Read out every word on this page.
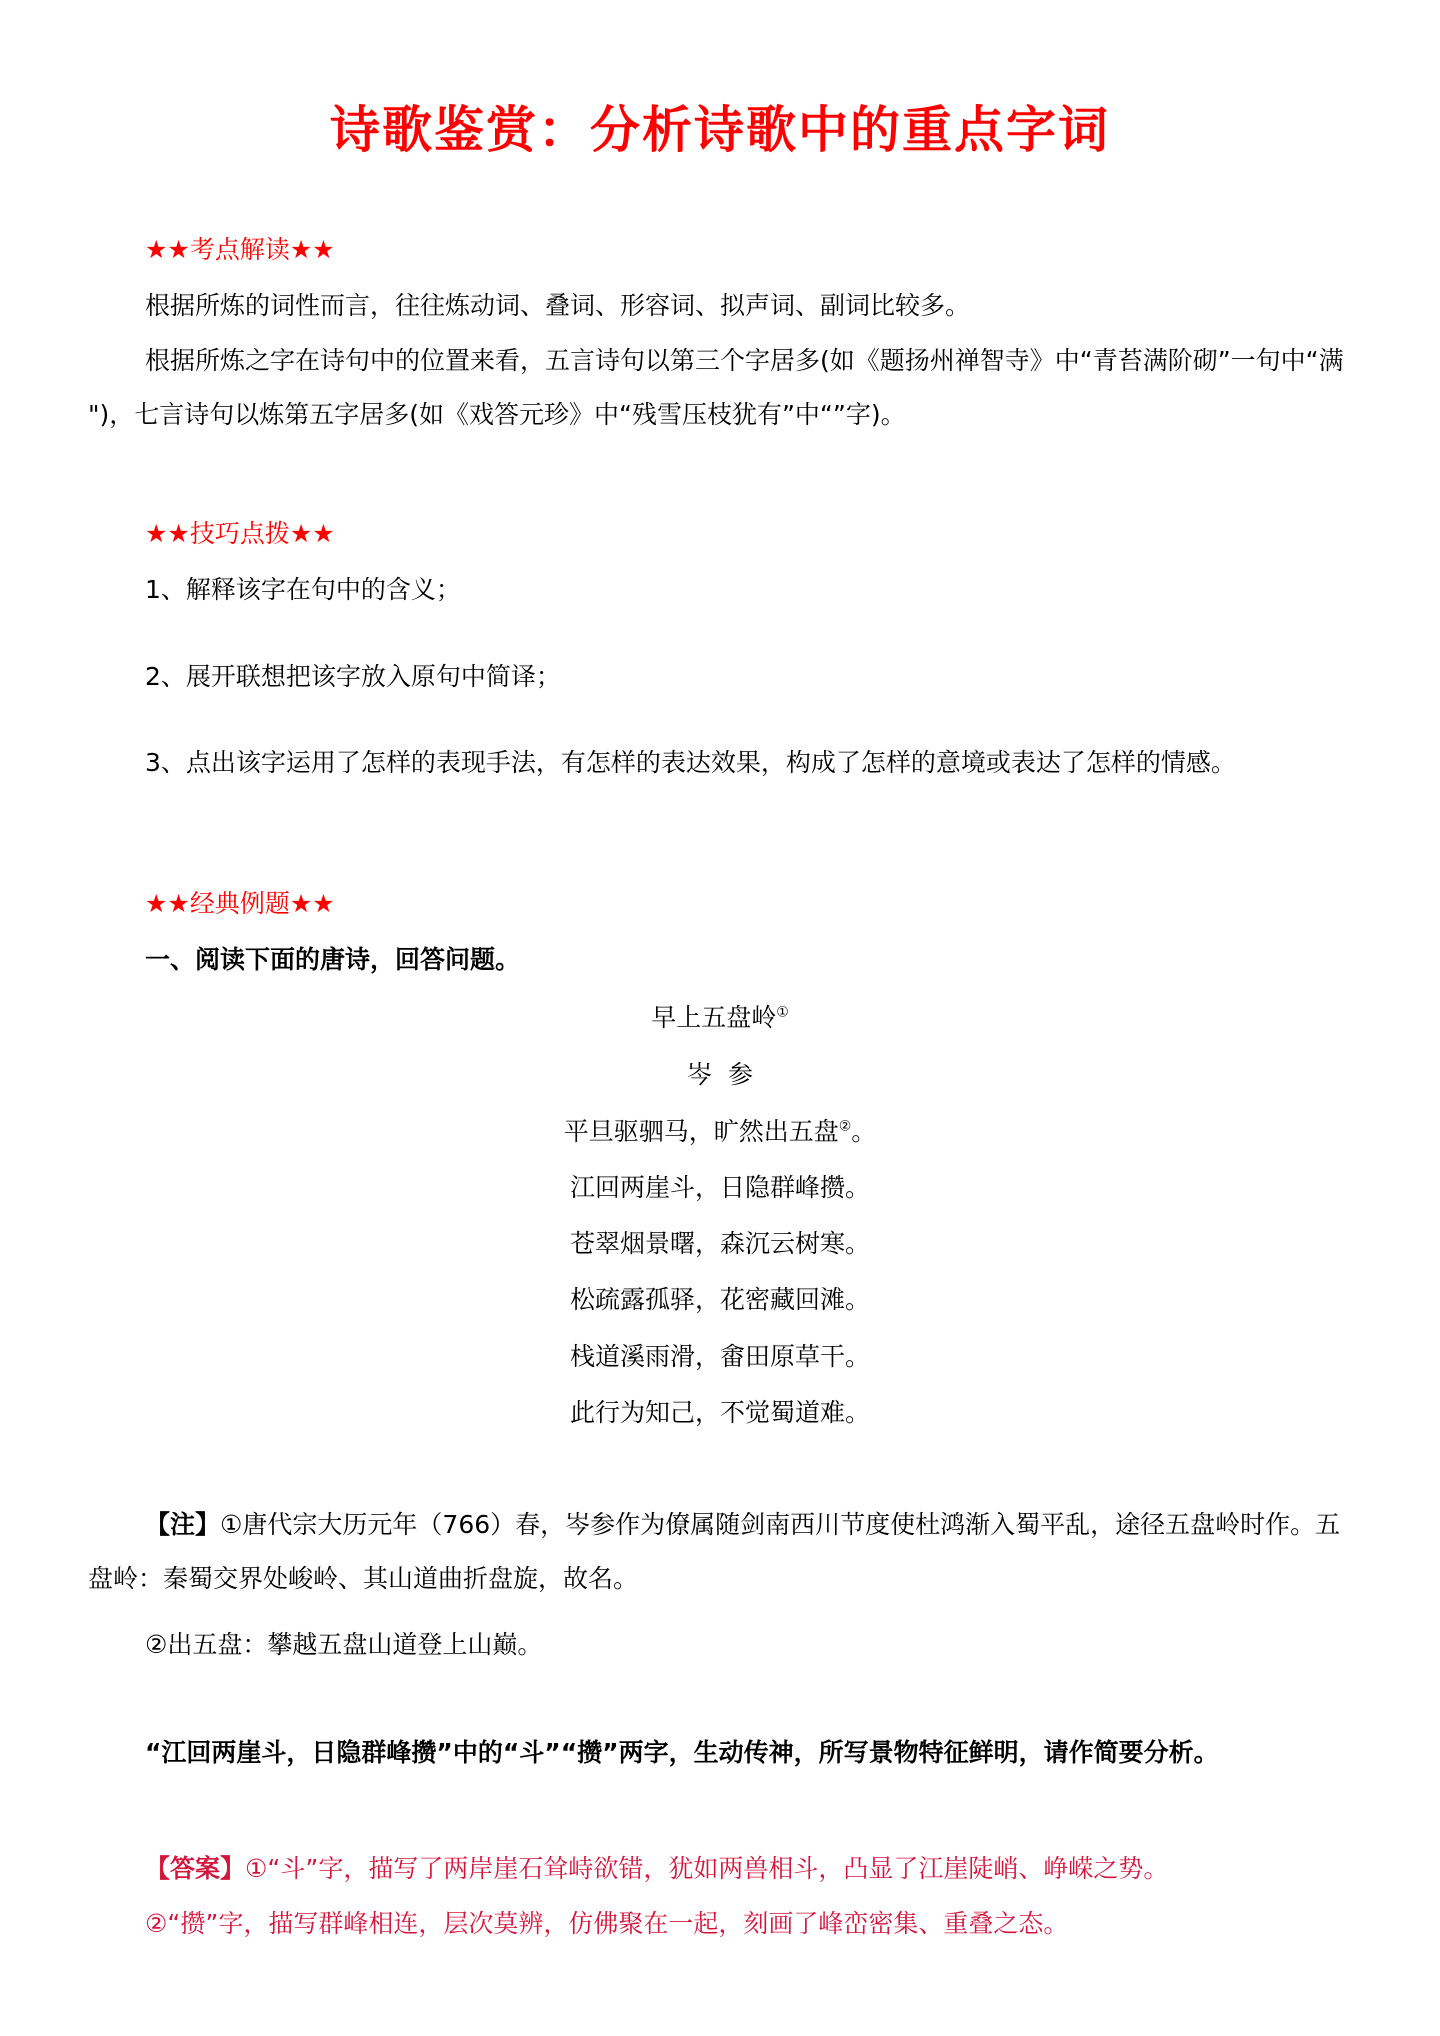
诗歌鉴赏：分析诗歌中的重点字词
★★考点解读★★

根据所炼的词性而言，往往炼动词、叠词、形容词、拟声词、副词比较多。

根据所炼之字在诗句中的位置来看，五言诗句以第三个字居多(如《题扬州禅智寺》中“青苔满阶砌”一句中“满 ")，七言诗句以炼第五字居多(如《戏答元珍》中“残雪压枝犹有”中“”字)。

★★技巧点拨★★
1、解释该字在句中的含义；
2、展开联想把该字放入原句中简译；

3、点出该字运用了怎样的表现手法，有怎样的表达效果，构成了怎样的意境或表达了怎样的情感。

★★经典例题★★
一、阅读下面的唐诗，回答问题。
早上五盘岭①
岑  参
平旦驱驷马，旷然出五盘②。
江回两崖斗，日隐群峰攒。
苍翠烟景曙，森沉云树寒。
松疏露孤驿，花密藏回滩。
栈道溪雨滑，畬田原草干。
此行为知己，不觉蜀道难。

【注】①唐代宗大历元年（766）春，岑参作为僚属随剑南西川节度使杜鸿渐入蜀平乱，途径五盘岭时作。五盘岭：秦蜀交界处峻岭、其山道曲折盘旋，故名。

②出五盘：攀越五盘山道登上山巅。

“江回两崖斗，日隐群峰攒”中的“斗”“攒”两字，生动传神，所写景物特征鲜明，请作简要分析。

【答案】①“斗”字，描写了两岸崖石耸峙欲错，犹如两兽相斗，凸显了江崖陡峭、峥嵘之势。
②“攒”字，描写群峰相连，层次莫辨，仿佛聚在一起，刻画了峰峦密集、重叠之态。
